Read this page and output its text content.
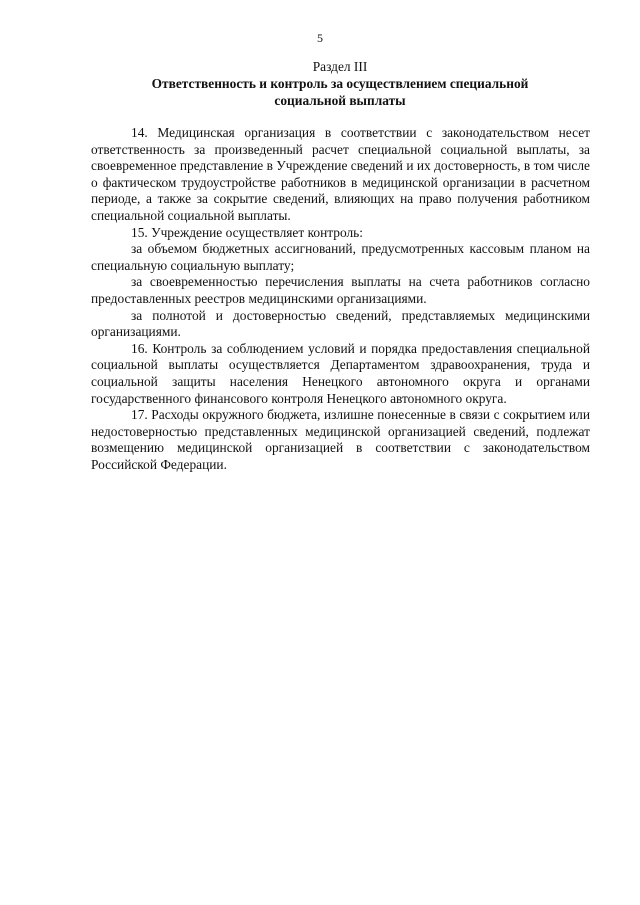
5
Раздел III
Ответственность и контроль за осуществлением специальной социальной выплаты

14. Медицинская организация в соответствии с законодательством несет ответственность за произведенный расчет специальной социальной выплаты, за своевременное представление в Учреждение сведений и их достоверность, в том числе о фактическом трудоустройстве работников в медицинской организации в расчетном периоде, а также за сокрытие сведений, влияющих на право получения работником специальной социальной выплаты.

15. Учреждение осуществляет контроль:

за объемом бюджетных ассигнований, предусмотренных кассовым планом на специальную социальную выплату;

за своевременностью перечисления выплаты на счета работников согласно предоставленных реестров медицинскими организациями.

за полнотой и достоверностью сведений, представляемых медицинскими организациями.

16. Контроль за соблюдением условий и порядка предоставления специальной социальной выплаты осуществляется Департаментом здравоохранения, труда и социальной защиты населения Ненецкого автономного округа и органами государственного финансового контроля Ненецкого автономного округа.

17. Расходы окружного бюджета, излишне понесенные в связи с сокрытием или недостоверностью представленных медицинской организацией сведений, подлежат возмещению медицинской организацией в соответствии с законодательством Российской Федерации.
